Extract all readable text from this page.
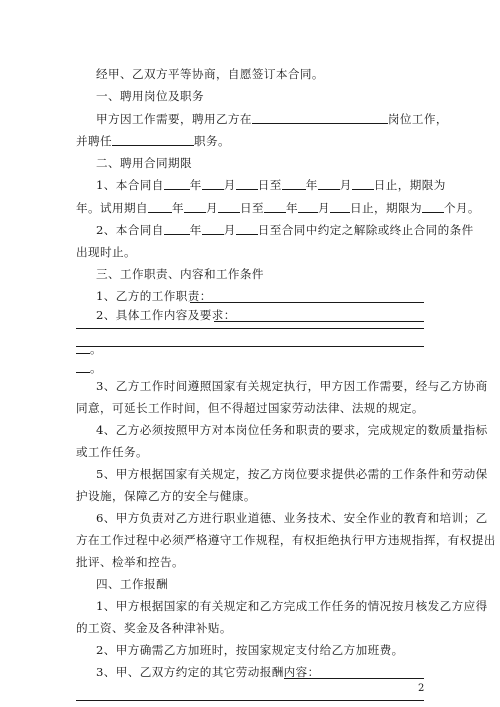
经甲、乙双方平等协商，自愿签订本合同。
一、聘用岗位及职务
甲方因工作需要，聘用乙方在	岗位工作，
并聘任	职务。
二、聘用合同期限
1、本合同自 年 月 日至 年 月 日止，期限为
年。试用期自 年 月 日至 年 月 日止，期限为 个月。
2、本合同自 年 月 日至合同中约定之解除或终止合同的条件
出现时止。
三、工作职责、内容和工作条件
1、乙方的工作职责：
。
2、具体工作内容及要求：
。
3、乙方工作时间遵照国家有关规定执行，甲方因工作需要，经与乙方协商
同意，可延长工作时间，但不得超过国家劳动法律、法规的规定。
4、乙方必须按照甲方对本岗位任务和职责的要求，完成规定的数质量指标
或工作任务。
5、甲方根据国家有关规定，按乙方岗位要求提供必需的工作条件和劳动保
护设施，保障乙方的安全与健康。
6、甲方负责对乙方进行职业道德、业务技术、安全作业的教育和培训；乙
方在工作过程中必须严格遵守工作规程，有权拒绝执行甲方违规指挥，有权提出
批评、检举和控告。
四、工作报酬
1、甲方根据国家的有关规定和乙方完成工作任务的情况按月核发乙方应得
的工资、奖金及各种津补贴。
2、甲方确需乙方加班时，按国家规定支付给乙方加班费。
3、甲、乙双方约定的其它劳动报酬内容：
2
